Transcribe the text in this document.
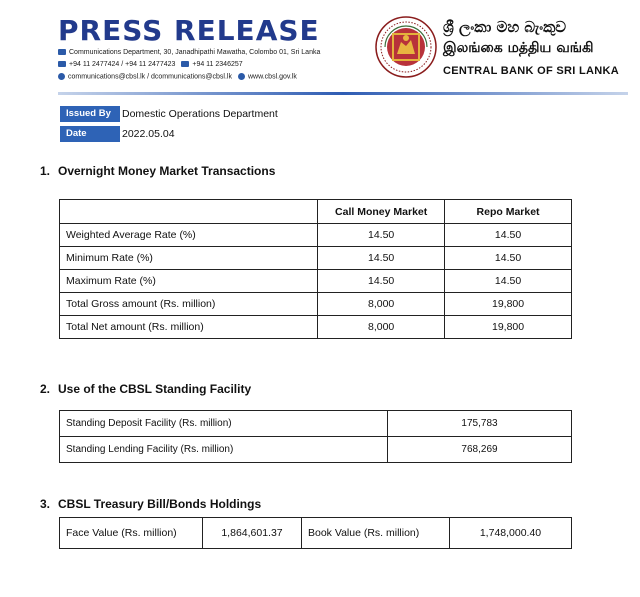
PRESS RELEASE
Communications Department, 30, Janadhipathi Mawatha, Colombo 01, Sri Lanka
+94 11 2477424 / +94 11 2477423 +94 11 2346257
communications@cbsl.lk / dcommunications@cbsl.lk www.cbsl.gov.lk
ශ්‍රී ලංකා මහ බැංකුව
இலங்கை மத்திய வங்கி
CENTRAL BANK OF SRI LANKA
Issued By	Domestic Operations Department
Date	2022.05.04
1. Overnight Money Market Transactions
	Call Money Market	Repo Market
Weighted Average Rate (%)	14.50	14.50
Minimum Rate (%)	14.50	14.50
Maximum Rate (%)	14.50	14.50
Total Gross amount (Rs. million)	8,000	19,800
Total Net amount (Rs. million)	8,000	19,800
2. Use of the CBSL Standing Facility
Standing Deposit Facility (Rs. million)	175,783
Standing Lending Facility (Rs. million)	768,269
3. CBSL Treasury Bill/Bonds Holdings
Face Value (Rs. million)	1,864,601.37	Book Value (Rs. million)	1,748,000.40
